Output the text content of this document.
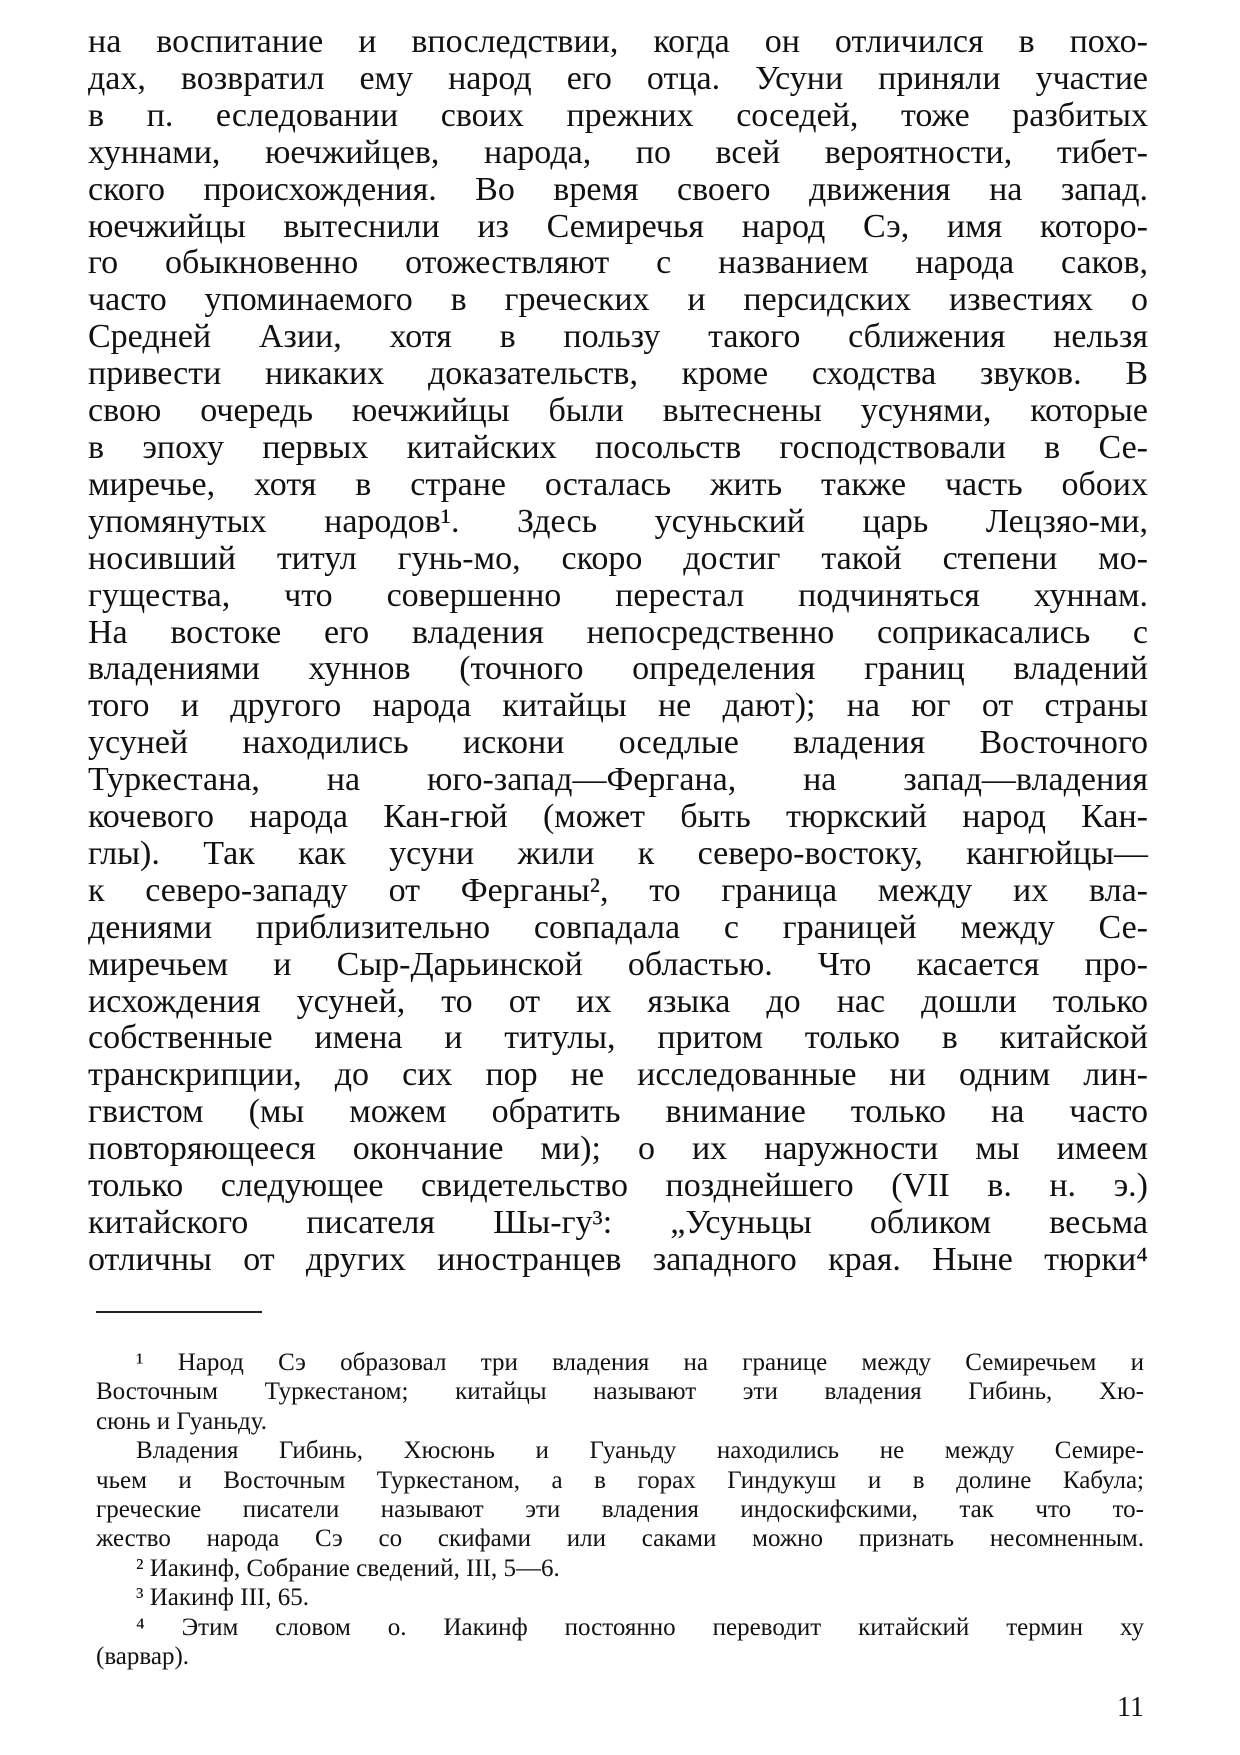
на воспитание и впоследствии, когда он отличился в похо-
дах, возвратил ему народ его отца. Усуни приняли участие
в п. еследовании своих прежних соседей, тоже разбитых
хуннами, юечжийцев, народа, по всей вероятности, тибет-
ского происхождения. Во время своего движения на запад.
юечжийцы вытеснили из Семиречья народ Сэ, имя которо-
го обыкновенно отожествляют с названием народа саков,
часто упоминаемого в греческих и персидских известиях о
Средней Азии, хотя в пользу такого сближения нельзя
привести никаких доказательств, кроме сходства звуков. В
свою очередь юечжийцы были вытеснены усунями, которые
в эпоху первых китайских посольств господствовали в Се-
миречье, хотя в стране осталась жить также часть обоих
упомянутых народов¹. Здесь усуньский царь Лецзяо-ми,
носивший титул гунь-мо, скоро достиг такой степени мо-
гущества, что совершенно перестал подчиняться хуннам.
На востоке его владения непосредственно соприкасались с
владениями хуннов (точного определения границ владений
того и другого народа китайцы не дают); на юг от страны
усуней находились искони оседлые владения Восточного
Туркестана, на юго-запад—Фергана, на запад—владения
кочевого народа Кан-гюй (может быть тюркский народ Кан-
глы). Так как усуни жили к северо-востоку, кангюйцы—
к северо-западу от Ферганы², то граница между их вла-
дениями приблизительно совпадала с границей между Се-
миречьем и Сыр-Дарьинской областью. Что касается про-
исхождения усуней, то от их языка до нас дошли только
собственные имена и титулы, притом только в китайской
транскрипции, до сих пор не исследованные ни одним лин-
гвистом (мы можем обратить внимание только на часто
повторяющееся окончание ми); о их наружности мы имеем
только следующее свидетельство позднейшего (VII в. н. э.)
китайского писателя Шы-гу³: „Усуньцы обликом весьма
отличны от других иностранцев западного края. Ныне тюрки⁴
¹ Народ Сэ образовал три владения на границе между Семиречьем и
Восточным Туркестаном; китайцы называют эти владения Гибинь, Хю-
сюнь и Гуаньду.
Владения Гибинь, Хюсюнь и Гуаньду находились не между Семире-
чьем и Восточным Туркестаном, а в горах Гиндукуш и в долине Кабула;
греческие писатели называют эти владения индоскифскими, так что то-
жество народа Сэ со скифами или саками можно признать несомненным.
² Иакинф, Собрание сведений, III, 5—6.
³ Иакинф III, 65.
⁴ Этим словом о. Иакинф постоянно переводит китайский термин ху
(варвар).
11
